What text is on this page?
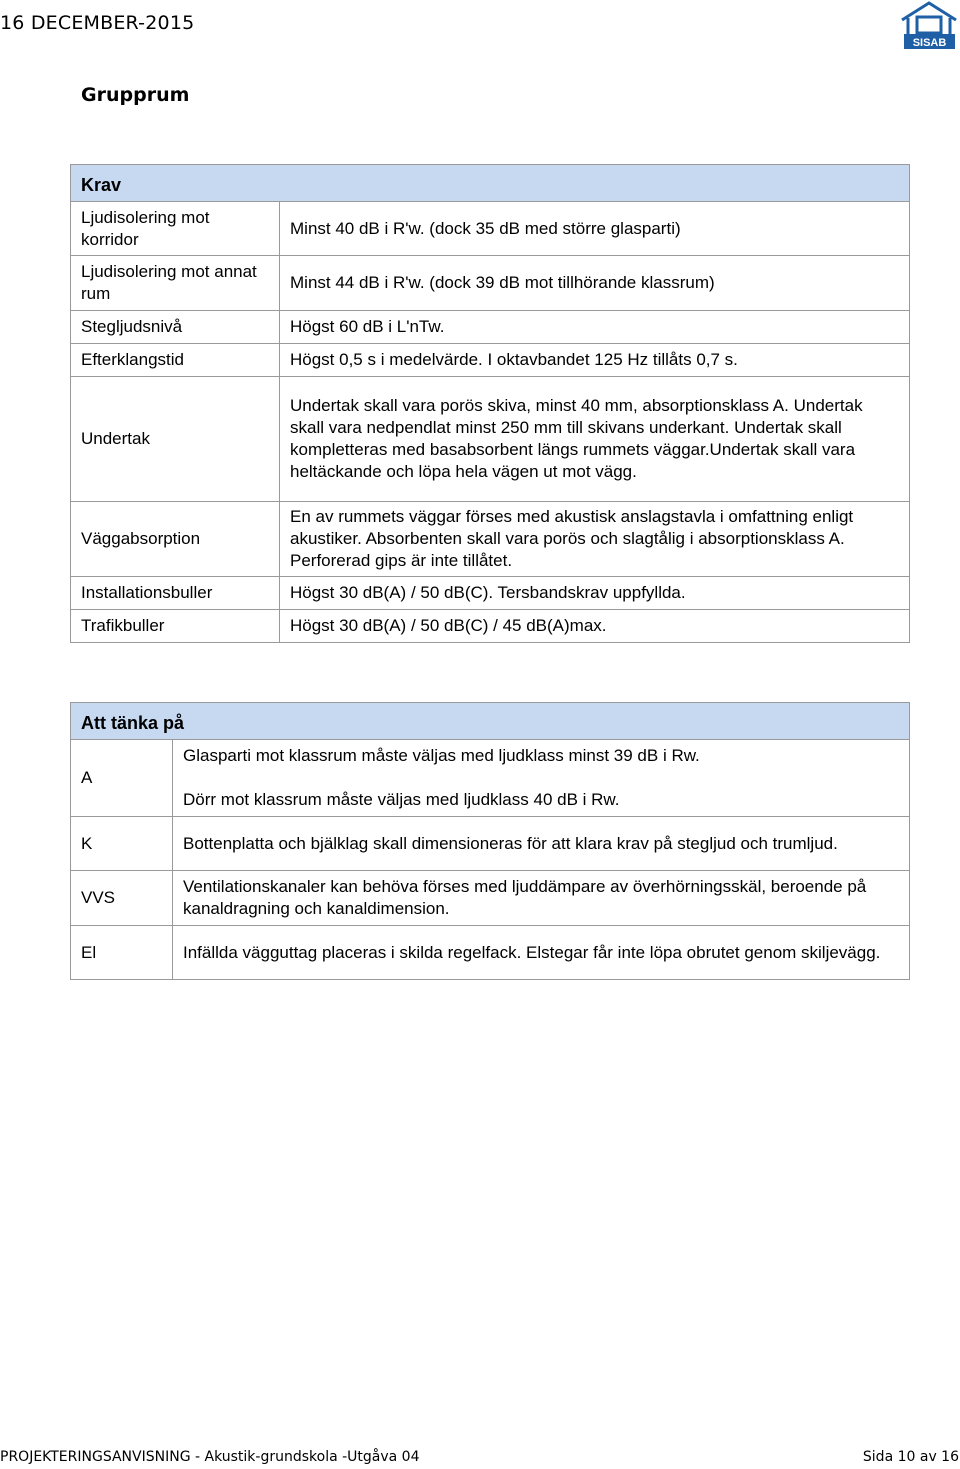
16 DECEMBER-2015
SISAB
Grupprum
Krav	
Ljudisolering mot korridor	Minst 40 dB i R'w. (dock 35 dB med större glasparti)
Ljudisolering mot annat rum	Minst 44 dB i R'w. (dock 39 dB mot tillhörande klassrum)
Stegljudsnivå	Högst 60 dB i L'nTw.
Efterklangstid	Högst 0,5 s i medelvärde. I oktavbandet 125 Hz tillåts 0,7 s.
Undertak	Undertak skall vara porös skiva, minst 40 mm, absorptionsklass A. Undertak skall vara nedpendlat minst 250 mm till skivans underkant. Undertak skall kompletteras med basabsorbent längs rummets väggar.Undertak skall vara heltäckande och löpa hela vägen ut mot vägg.
Väggabsorption	En av rummets väggar förses med akustisk anslagstavla i omfattning enligt akustiker. Absorbenten skall vara porös och slagtålig i absorptionsklass A. Perforerad gips är inte tillåtet.
Installationsbuller	Högst 30 dB(A) / 50 dB(C). Tersbandskrav uppfyllda.
Trafikbuller	Högst 30 dB(A) / 50 dB(C) / 45 dB(A)max.
Att tänka på	
A	Glasparti mot klassrum måste väljas med ljudklass minst 39 dB i Rw.
Dörr mot klassrum måste väljas med ljudklass 40 dB i Rw.

K	Bottenplatta och bjälklag skall dimensioneras för att klara krav på stegljud och trumljud.
VVS	Ventilationskanaler kan behöva förses med ljuddämpare av överhörningsskäl, beroende på kanaldragning och kanaldimension.
El	Infällda vägguttag placeras i skilda regelfack. Elstegar får inte löpa obrutet genom skiljevägg.
PROJEKTERINGSANVISNING - Akustik-grundskola -Utgåva 04	Sida 10 av 16
